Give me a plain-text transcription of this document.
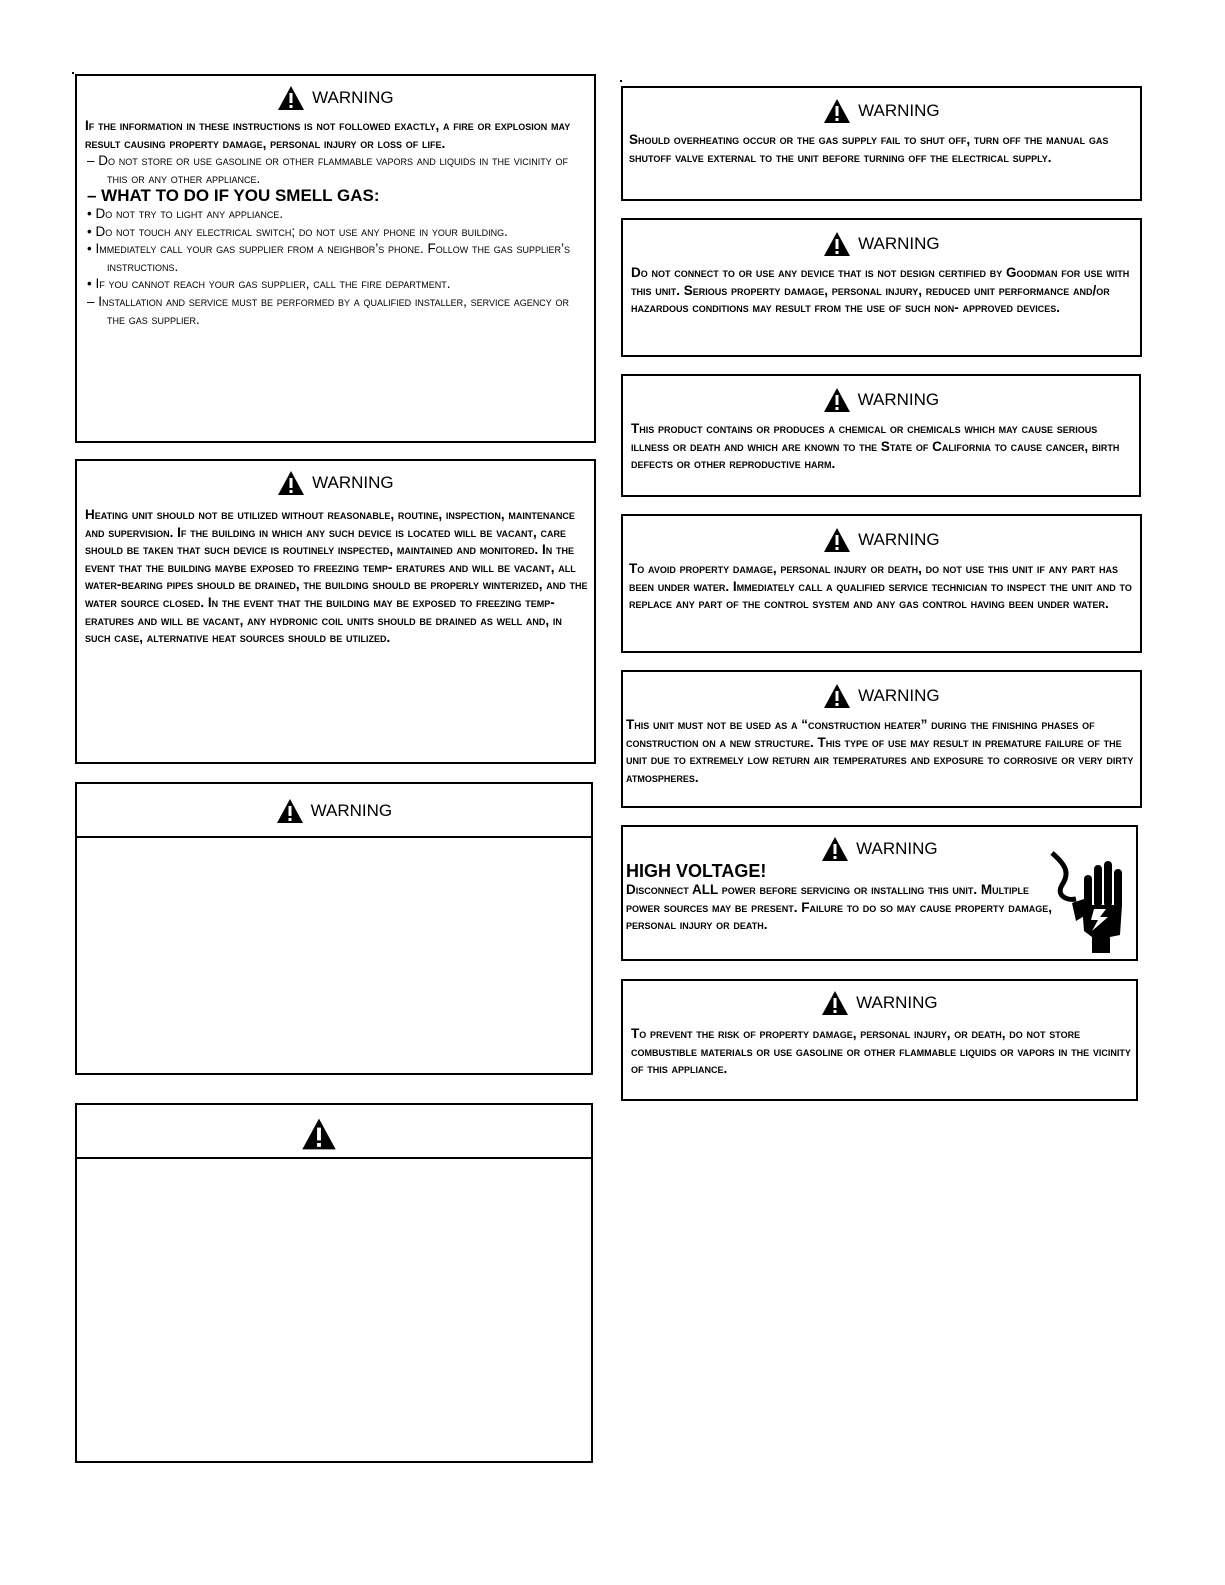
WARNING

If the information in these instructions is not followed exactly, a fire or explosion may result causing property damage, personal injury or loss of life.

– Do not store or use gasoline or other flammable vapors and liquids in the vicinity of this or any other appliance.

– WHAT TO DO IF YOU SMELL GAS:

• Do not try to light any appliance.

• Do not touch any electrical switch; do not use any phone in your building.

• Immediately call your gas supplier from a neighbor’s phone. Follow the gas supplier’s instructions.

• If you cannot reach your gas supplier, call the fire department.

– Installation and service must be performed by a qualified installer, service agency or the gas supplier.

WARNING

Heating unit should not be utilized without reasonable, routine, inspection, maintenance and supervision. If the building in which any such device is located will be vacant, care should be taken that such device is routinely inspected, maintained and monitored. In the event that the building maybe exposed to freezing temp- eratures and will be vacant, all water-bearing pipes should be drained, the building should be properly winterized, and the water source closed. In the event that the building may be exposed to freezing temp- eratures and will be vacant, any hydronic coil units should be drained as well and, in such case, alternative heat sources should be utilized.

WARNING
WARNING

Should overheating occur or the gas supply fail to shut off, turn off the manual gas shutoff valve external to the unit before turning off the electrical supply.

WARNING

Do not connect to or use any device that is not design certified by Goodman for use with this unit. Serious property damage, personal injury, reduced unit performance and/or hazardous conditions may result from the use of such non- approved devices.

WARNING

This product contains or produces a chemical or chemicals which may cause serious illness or death and which are known to the State of California to cause cancer, birth defects or other reproductive harm.

WARNING

To avoid property damage, personal injury or death, do not use this unit if any part has been under water. Immediately call a qualified service technician to inspect the unit and to replace any part of the control system and any gas control having been under water.

WARNING

This unit must not be used as a “construction heater” during the finishing phases of construction on a new structure. This type of use may result in premature failure of the unit due to extremely low return air temperatures and exposure to corrosive or very dirty atmospheres.

WARNING

HIGH VOLTAGE!

Disconnect ALL power before servicing or installing this unit. Multiple power sources may be present. Failure to do so may cause property damage, personal injury or death.

WARNING

To prevent the risk of property damage, personal injury, or death, do not store combustible materials or use gasoline or other flammable liquids or vapors in the vicinity of this appliance.
